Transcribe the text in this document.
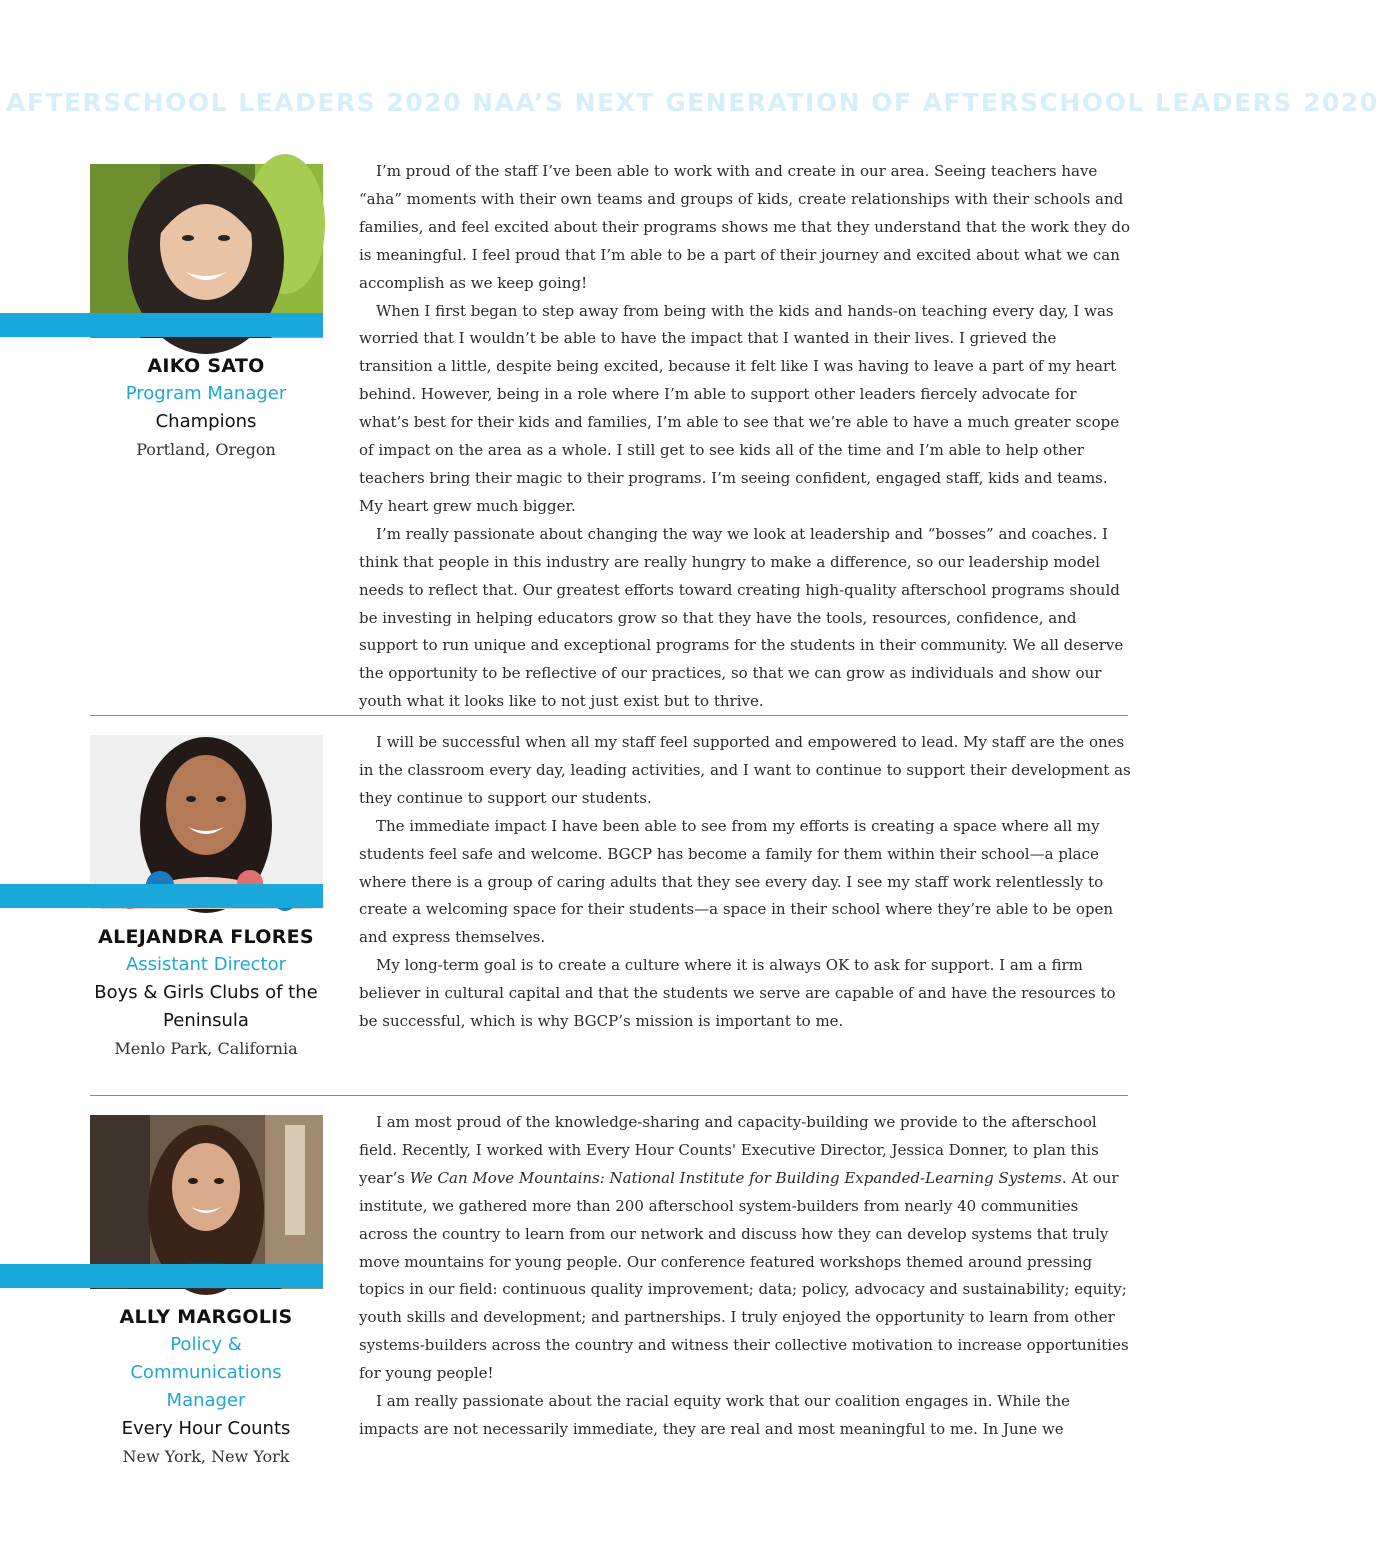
AFTERSCHOOL LEADERS 2020 NAA’S NEXT GENERATION OF AFTERSCHOOL LEADERS 2020
AIKO SATO
Program Manager
Champions
Portland, Oregon

I’m proud of the staff I’ve been able to work with and create in our area. Seeing teachers have “aha” moments with their own teams and groups of kids, create relationships with their schools and families, and feel excited about their programs shows me that they understand that the work they do is meaningful. I feel proud that I’m able to be a part of their journey and excited about what we can accomplish as we keep going!

When I first began to step away from being with the kids and hands-on teaching every day, I was worried that I wouldn’t be able to have the impact that I wanted in their lives. I grieved the transition a little, despite being excited, because it felt like I was having to leave a part of my heart behind. However, being in a role where I’m able to support other leaders fiercely advocate for what’s best for their kids and families, I’m able to see that we’re able to have a much greater scope of impact on the area as a whole. I still get to see kids all of the time and I’m able to help other teachers bring their magic to their programs. I’m seeing confident, engaged staff, kids and teams. My heart grew much bigger.

I’m really passionate about changing the way we look at leadership and “bosses” and coaches. I think that people in this industry are really hungry to make a difference, so our leadership model needs to reflect that. Our greatest efforts toward creating high-quality afterschool programs should be investing in helping educators grow so that they have the tools, resources, confidence, and support to run unique and exceptional programs for the students in their community. We all deserve the opportunity to be reflective of our practices, so that we can grow as individuals and show our youth what it looks like to not just exist but to thrive.

ALEJANDRA FLORES
Assistant Director
Boys & Girls Clubs of the Peninsula
Menlo Park, California

I will be successful when all my staff feel supported and empowered to lead. My staff are the ones in the classroom every day, leading activities, and I want to continue to support their development as they continue to support our students.

The immediate impact I have been able to see from my efforts is creating a space where all my students feel safe and welcome. BGCP has become a family for them within their school—a place where there is a group of caring adults that they see every day. I see my staff work relentlessly to create a welcoming space for their students—a space in their school where they’re able to be open and express themselves.

My long-term goal is to create a culture where it is always OK to ask for support. I am a firm believer in cultural capital and that the students we serve are capable of and have the resources to be successful, which is why BGCP’s mission is important to me.

ALLY MARGOLIS
Policy & Communications Manager
Every Hour Counts
New York, New York

I am most proud of the knowledge-sharing and capacity-building we provide to the afterschool field. Recently, I worked with Every Hour Counts' Executive Director, Jessica Donner, to plan this year’s We Can Move Mountains: National Institute for Building Expanded-Learning Systems. At our institute, we gathered more than 200 afterschool system-builders from nearly 40 communities across the country to learn from our network and discuss how they can develop systems that truly move mountains for young people. Our conference featured workshops themed around pressing topics in our field: continuous quality improvement; data; policy, advocacy and sustainability; equity; youth skills and development; and partnerships. I truly enjoyed the opportunity to learn from other systems-builders across the country and witness their collective motivation to increase opportunities for young people!

I am really passionate about the racial equity work that our coalition engages in. While the impacts are not necessarily immediate, they are real and most meaningful to me. In June we
